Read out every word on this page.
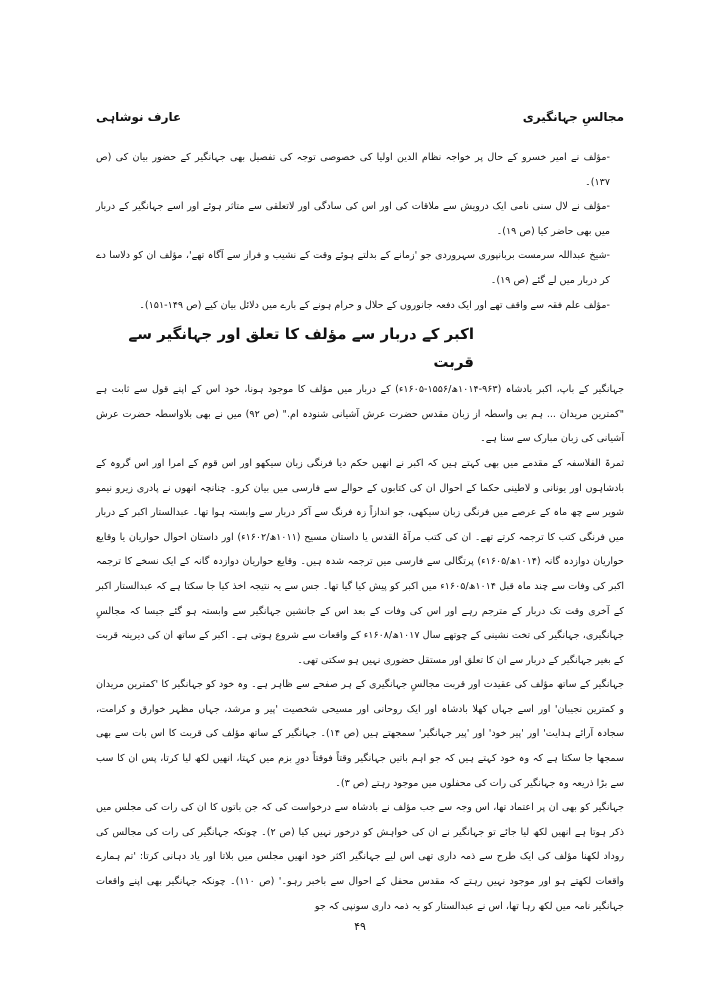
عارف نوشاہی	مجالسِ جہانگیری

-مؤلف نے امیر خسرو کے حال پر خواجہ نظام الدین اولیا کی خصوصی توجہ کی تفصیل بھی جہانگیر کے حضور بیان کی (ص ۱۳۷)۔

-مؤلف نے لال سنی نامی ایک درویش سے ملاقات کی اور اس کی سادگی اور لاتعلقی سے متاثر ہوئے اور اسے جہانگیر کے دربار میں بھی حاضر کیا (ص ۱۹)۔

-شیخ عبداللہ سرمست بربانپوری سہروردی جو 'زمانے کے بدلتے ہوئے وقت کے نشیب و فراز سے آگاہ تھے'، مؤلف ان کو دلاسا دے کر دربار میں لے گئے (ص ۱۹)۔

-مؤلف علم فقہ سے واقف تھے اور ایک دفعہ جانوروں کے حلال و حرام ہونے کے بارے میں دلائل بیان کیے (ص ۱۴۹-۱۵۱)۔

اکبر کے دربار سے مؤلف کا تعلق اور جہانگیر سے قربت

جہانگیر کے باپ، اکبر بادشاہ (۹۶۳-۱۰۱۴ھ/۱۵۵۶-۱۶۰۵ء) کے دربار میں مؤلف کا موجود ہونا، خود اس کے اپنے قول سے ثابت ہے "کمترین مریدان ... ہم بی واسطہ از زبان مقدس حضرت عرش آشیانی شنودہ ام." (ص ۹۲) میں نے بھی بلاواسطہ حضرت عرش آشیانی کی زبان مبارک سے سنا ہے۔

ثمرۃ الفلاسفہ کے مقدمے میں بھی کہتے ہیں کہ اکبر نے انھیں حکم دیا فرنگی زبان سیکھو اور اس قوم کے امرا اور اس گروہ کے بادشاہوں اور یونانی و لاطینی حکما کے احوال ان کی کتابوں کے حوالے سے فارسی میں بیان کرو۔ چنانچہ انھوں نے پادری زیرو نیمو شویر سے چھ ماہ کے عرصے میں فرنگی زبان سیکھی، جو اندازاً زہ فرنگ سے آکر دربار سے وابستہ ہوا تھا۔ عبدالستار اکبر کے دربار میں فرنگی کتب کا ترجمہ کرتے تھے۔ ان کی کتب مرآۃ القدس یا داستان مسیح (۱۰۱۱ھ/۱۶۰۲ء) اور داستان احوال حواریان یا وقایع حواریان دوازدہ گانہ (۱۰۱۴ھ/۱۶۰۵ء) پرتگالی سے فارسی میں ترجمہ شدہ ہیں۔ وقایع حواریان دوازدہ گانہ کے ایک نسخے کا ترجمہ اکبر کی وفات سے چند ماہ قبل ۱۰۱۴ھ/۱۶۰۵ء میں اکبر کو پیش کیا گیا تھا۔ جس سے یہ نتیجہ اخذ کیا جا سکتا ہے کہ عبدالستار اکبر کے آخری وقت تک دربار کے مترجم رہے اور اس کی وفات کے بعد اس کے جانشین جہانگیر سے وابستہ ہو گئے جیسا کہ مجالسِ جہانگیری، جہانگیر کی تخت نشینی کے چوتھے سال ۱۰۱۷ھ/۱۶۰۸ء کے واقعات سے شروع ہوتی ہے۔ اکبر کے ساتھ ان کی دیرینہ قربت کے بغیر جہانگیر کے دربار سے ان کا تعلق اور مستقل حضوری نہیں ہو سکتی تھی۔

جہانگیر کے ساتھ مؤلف کی عقیدت اور قربت مجالسِ جہانگیری کے ہر صفحے سے ظاہر ہے۔ وہ خود کو جہانگیر کا 'کمترین مریدان و کمترین نجیبان' اور اسے جہاں کھلا بادشاہ اور ایک روحانی اور مسیحی شخصیت 'پیر و مرشد، جہاں مظہر خوارق و کرامت، سجادہ آرائے ہدایت' اور 'پیر خود' اور 'پیر جہانگیر' سمجھتے ہیں (ص ۱۴)۔ جہانگیر کے ساتھ مؤلف کی قربت کا اس بات سے بھی سمجھا جا سکتا ہے کہ وہ خود کہتے ہیں کہ جو اہم باتیں جہانگیر وقتاً فوقتاً دورِ بزم میں کہتا، انھیں لکھ لیا کرتا، پس ان کا سب سے بڑا ذریعہ وہ جہانگیر کی رات کی محفلوں میں موجود رہتے (ص ۳)۔

جہانگیر کو بھی ان پر اعتماد تھا، اس وجہ سے جب مؤلف نے بادشاہ سے درخواست کی کہ جن باتوں کا ان کی رات کی مجلس میں ذکر ہوتا ہے انھیں لکھ لیا جائے تو جہانگیر نے ان کی خواہش کو درخور نہیں کیا (ص ۲)۔ چونکہ جہانگیر کی رات کی مجالس کی روداد لکھنا مؤلف کی ایک طرح سے ذمہ داری تھی اس لیے جہانگیر اکثر خود انھیں مجلس میں بلاتا اور یاد دہانی کرتا: 'تم ہمارے واقعات لکھتے ہو اور موجود نہیں رہتے کہ مقدس محفل کے احوال سے باخبر رہو۔' (ص ۱۱۰)۔ چونکہ جہانگیر بھی اپنے واقعات جہانگیر نامہ میں لکھ رہا تھا، اس نے عبدالستار کو یہ ذمہ داری سونپی کہ جو

۴۹
